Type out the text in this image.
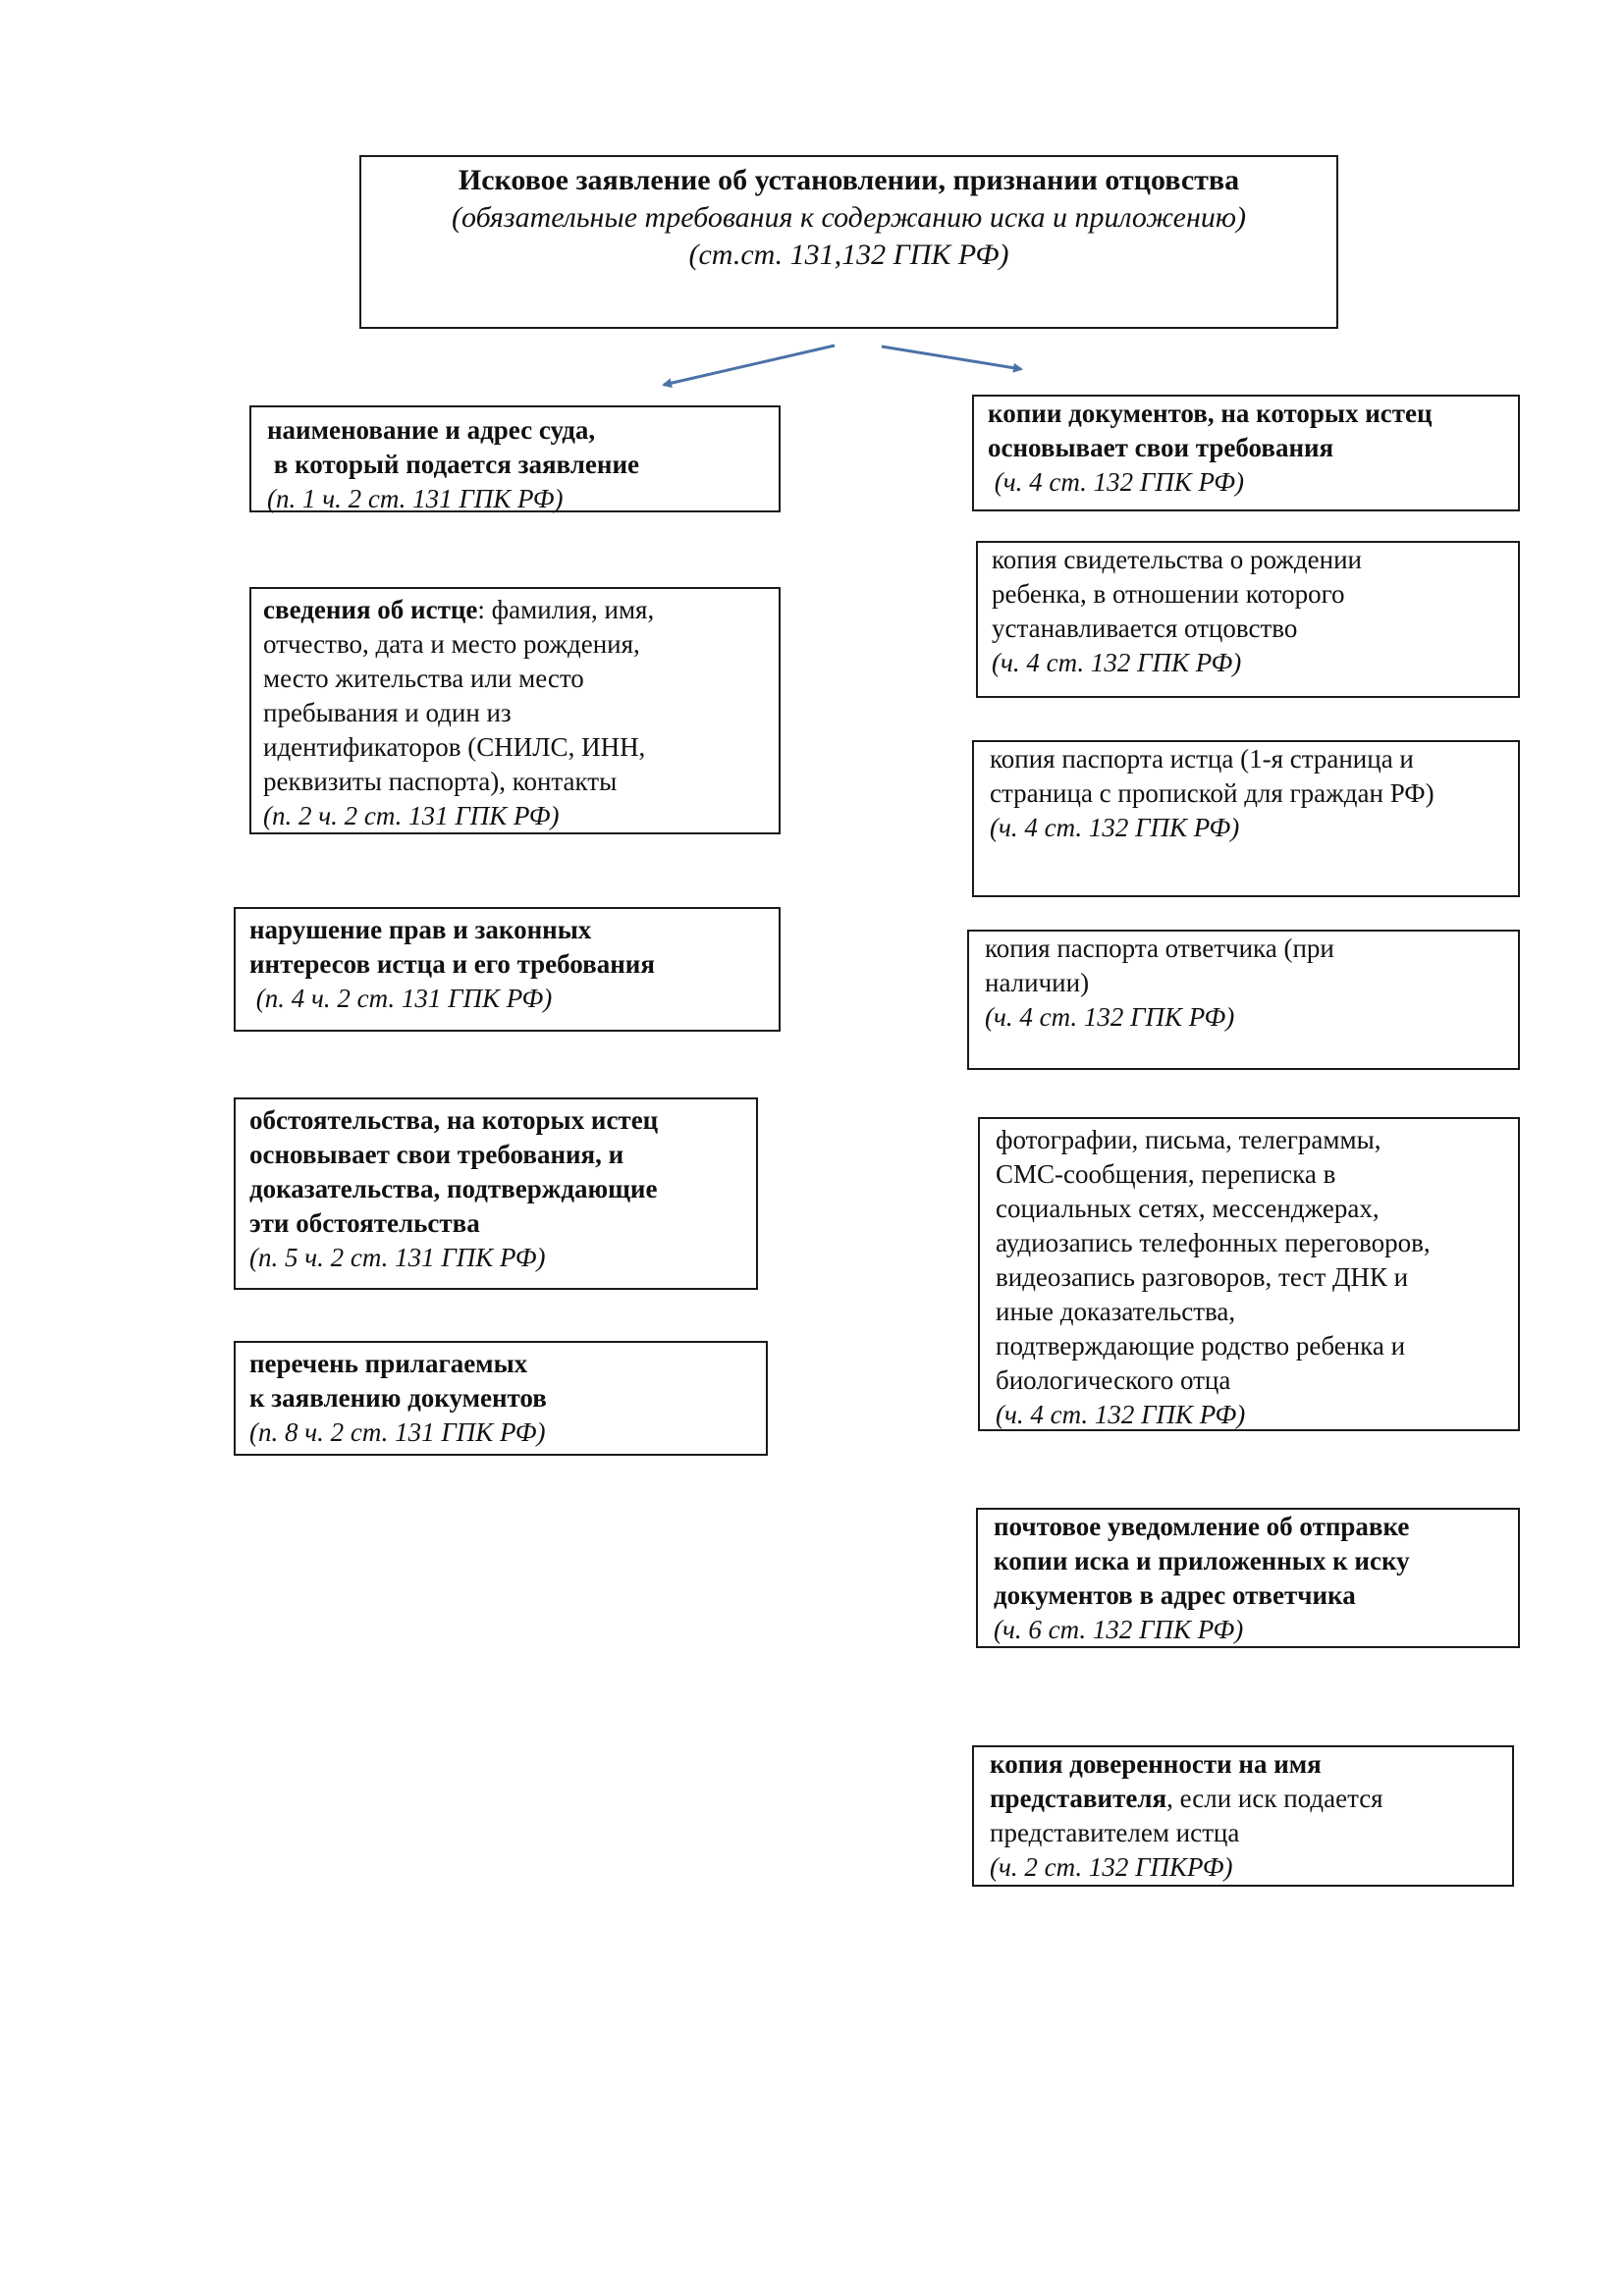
Исковое заявление об установлении, признании отцовства
(обязательные требования к содержанию иска и приложению)
(ст.ст. 131,132 ГПК РФ)
наименование и адрес суда,
в который подается заявление
(п. 1 ч. 2 ст. 131 ГПК РФ)
сведения об истце: фамилия, имя,
отчество, дата и место рождения,
место жительства или место
пребывания и один из
идентификаторов (СНИЛС, ИНН,
реквизиты паспорта), контакты
(п. 2 ч. 2 ст. 131 ГПК РФ)
нарушение прав и законных
интересов истца и его требования
(п. 4 ч. 2 ст. 131 ГПК РФ)
обстоятельства, на которых истец
основывает свои требования, и
доказательства, подтверждающие
эти обстоятельства
(п. 5 ч. 2 ст. 131 ГПК РФ)
перечень прилагаемых
к заявлению документов
(п. 8 ч. 2 ст. 131 ГПК РФ)
копии документов, на которых истец
основывает свои требования
(ч. 4 ст. 132 ГПК РФ)
копия свидетельства о рождении
ребенка, в отношении которого
устанавливается отцовство
(ч. 4 ст. 132 ГПК РФ)
копия паспорта истца (1-я страница и
страница с пропиской для граждан РФ)
(ч. 4 ст. 132 ГПК РФ)
копия паспорта ответчика (при
наличии)
(ч. 4 ст. 132 ГПК РФ)
фотографии, письма, телеграммы,
СМС-сообщения, переписка в
социальных сетях, мессенджерах,
аудиозапись телефонных переговоров,
видеозапись разговоров, тест ДНК и
иные доказательства,
подтверждающие родство ребенка и
биологического отца
(ч. 4 ст. 132 ГПК РФ)
почтовое уведомление об отправке
копии иска и приложенных к иску
документов в адрес ответчика
(ч. 6 ст. 132 ГПК РФ)
копия доверенности на имя
представителя, если иск подается
представителем истца
(ч. 2 ст. 132 ГПКРФ)
